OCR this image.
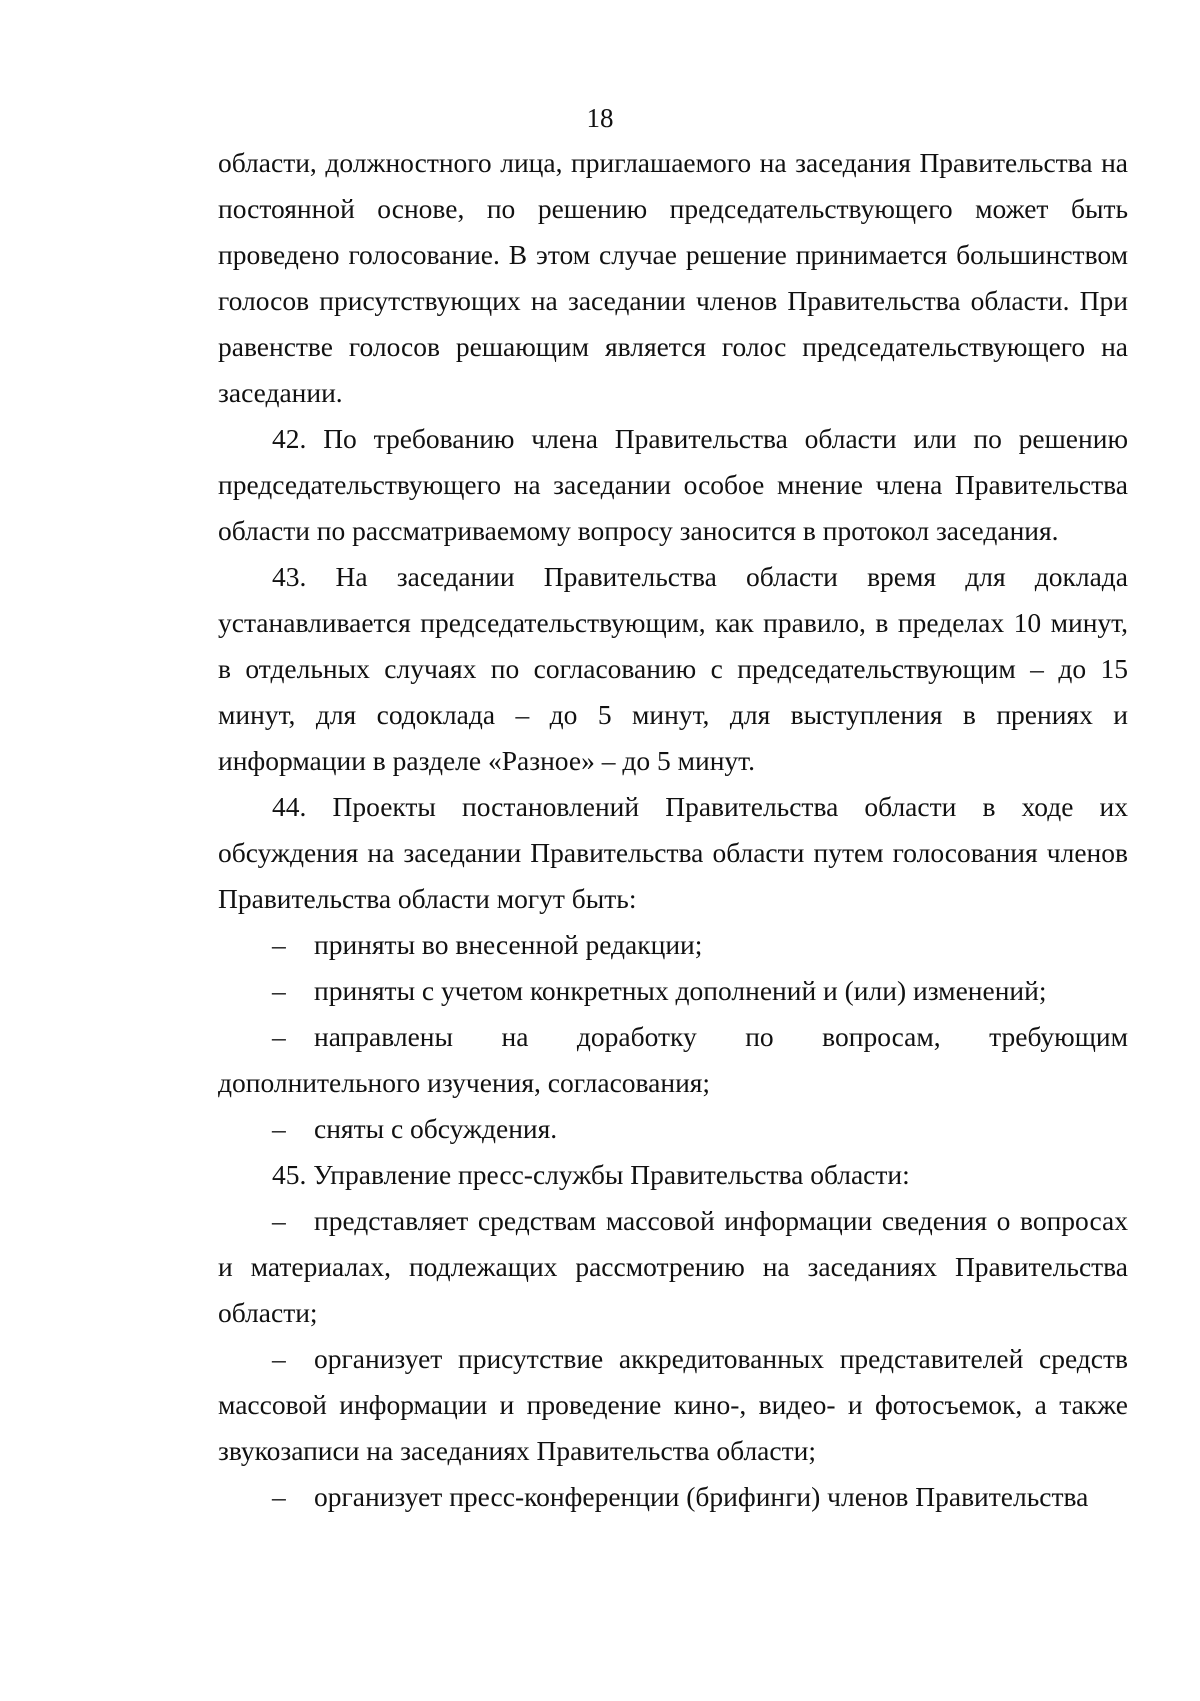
18

области, должностного лица, приглашаемого на заседания Правительства на постоянной основе, по решению председательствующего может быть проведено голосование. В этом случае решение принимается большинством голосов присутствующих на заседании членов Правительства области. При равенстве голосов решающим является голос председательствующего на заседании.

42. По требованию члена Правительства области или по решению председательствующего на заседании особое мнение члена Правительства области по рассматриваемому вопросу заносится в протокол заседания.

43. На заседании Правительства области время для доклада устанавливается председательствующим, как правило, в пределах 10 минут, в отдельных случаях по согласованию с председательствующим – до 15 минут, для содоклада – до 5 минут, для выступления в прениях и информации в разделе «Разное» – до 5 минут.

44. Проекты постановлений Правительства области в ходе их обсуждения на заседании Правительства области путем голосования членов Правительства области могут быть:

– приняты во внесенной редакции;

– приняты с учетом конкретных дополнений и (или) изменений;

– направлены на доработку по вопросам, требующим дополнительного изучения, согласования;

– сняты с обсуждения.

45. Управление пресс-службы Правительства области:

– представляет средствам массовой информации сведения о вопросах и материалах, подлежащих рассмотрению на заседаниях Правительства области;

– организует присутствие аккредитованных представителей средств массовой информации и проведение кино-, видео- и фотосъемок, а также звукозаписи на заседаниях Правительства области;

– организует пресс-конференции (брифинги) членов Правительства
